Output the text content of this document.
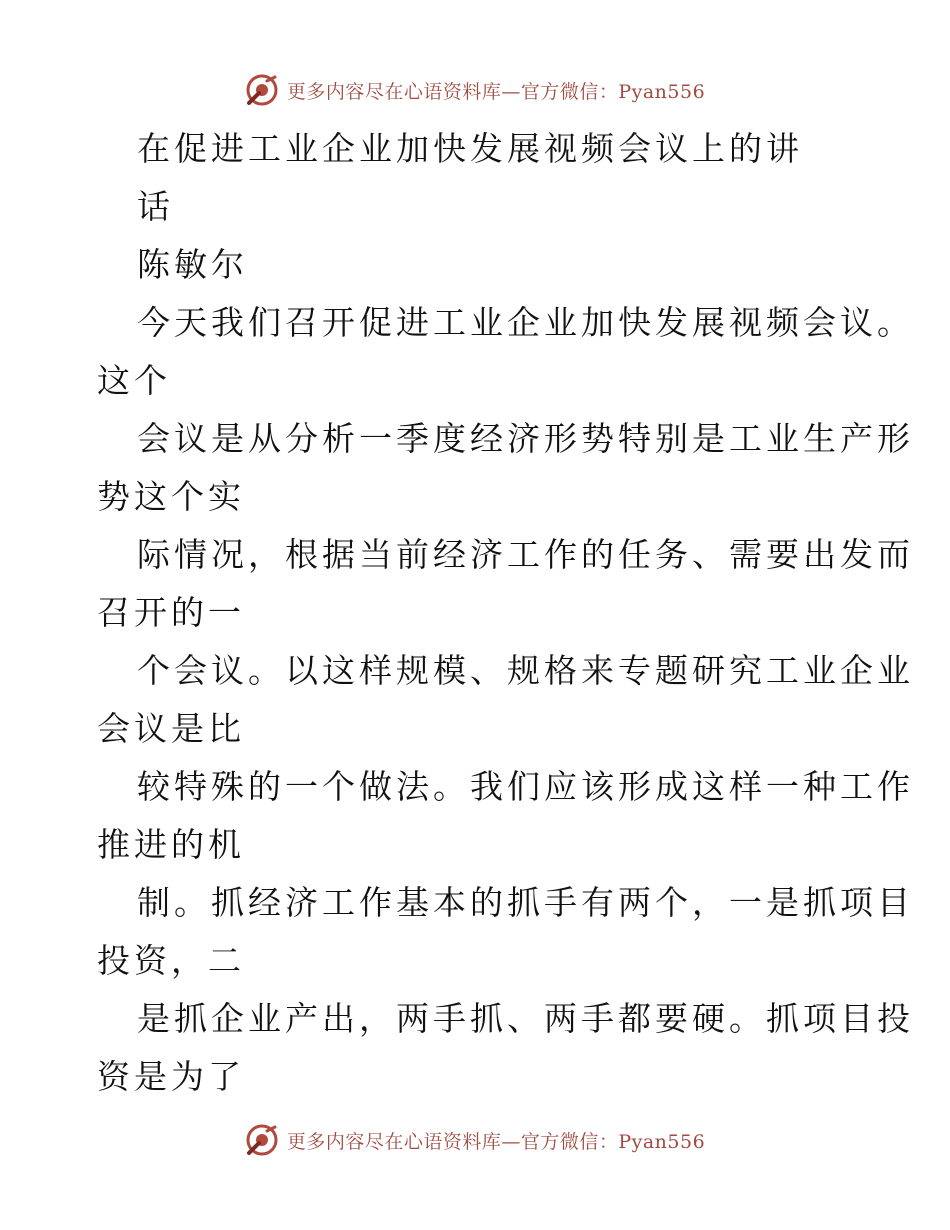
更多内容尽在心语资料库—官方微信：Pyan556
在促进工业企业加快发展视频会议上的讲
话
陈敏尔
今天我们召开促进工业企业加快发展视频会议。
这个
会议是从分析一季度经济形势特别是工业生产形
势这个实
际情况，根据当前经济工作的任务、需要出发而
召开的一
个会议。以这样规模、规格来专题研究工业企业
会议是比
较特殊的一个做法。我们应该形成这样一种工作
推进的机
制。抓经济工作基本的抓手有两个，一是抓项目
投资，二
是抓企业产出，两手抓、两手都要硬。抓项目投
资是为了
更多内容尽在心语资料库—官方微信：Pyan556
